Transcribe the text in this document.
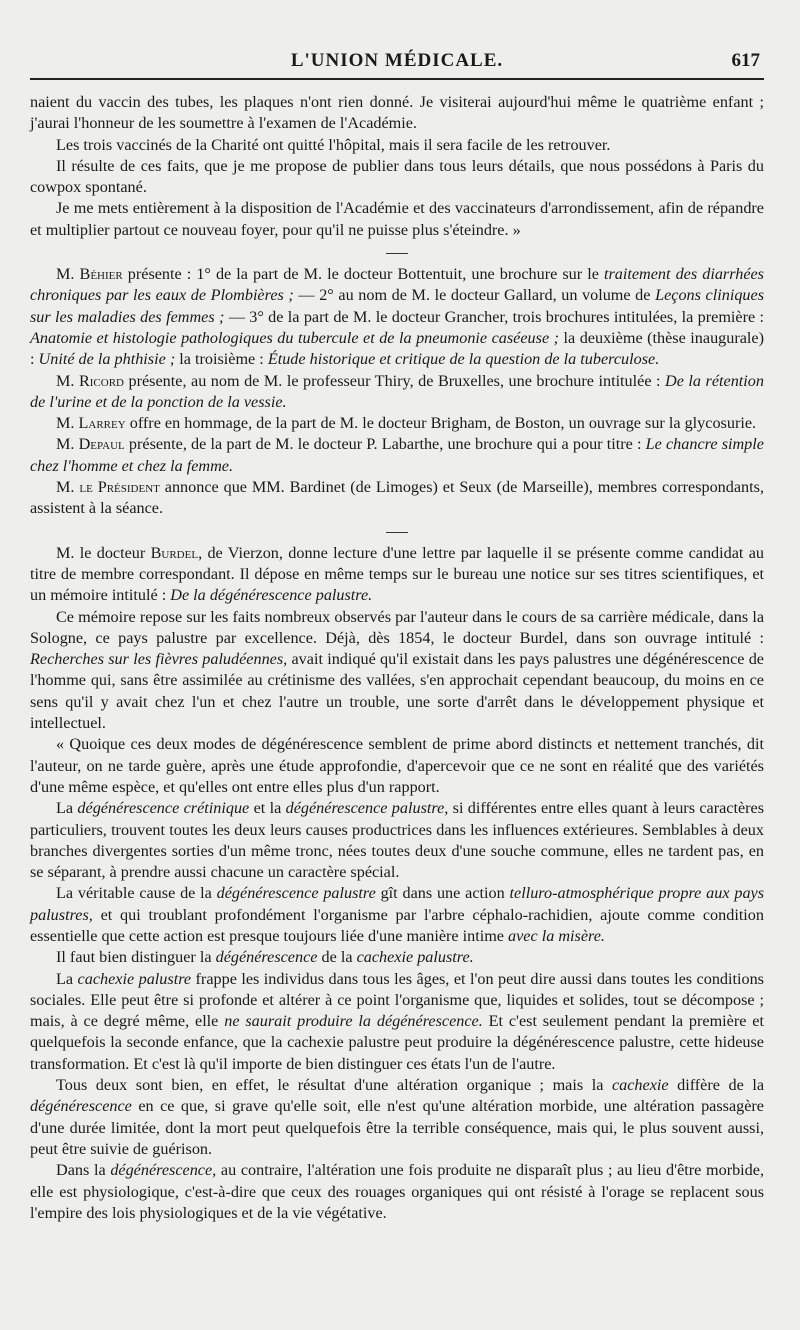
L'UNION MÉDICALE.	617

naient du vaccin des tubes, les plaques n'ont rien donné. Je visiterai aujourd'hui même le quatrième enfant ; j'aurai l'honneur de les soumettre à l'examen de l'Académie.

Les trois vaccinés de la Charité ont quitté l'hôpital, mais il sera facile de les retrouver.

Il résulte de ces faits, que je me propose de publier dans tous leurs détails, que nous possédons à Paris du cowpox spontané.

Je me mets entièrement à la disposition de l'Académie et des vaccinateurs d'arrondissement, afin de répandre et multiplier partout ce nouveau foyer, pour qu'il ne puisse plus s'éteindre. »

M. Béhier présente : 1° de la part de M. le docteur Bottentuit, une brochure sur le traitement des diarrhées chroniques par les eaux de Plombières ; — 2° au nom de M. le docteur Gallard, un volume de Leçons cliniques sur les maladies des femmes ; — 3° de la part de M. le docteur Grancher, trois brochures intitulées, la première : Anatomie et histologie pathologiques du tubercule et de la pneumonie caséeuse ; la deuxième (thèse inaugurale) : Unité de la phthisie ; la troisième : Étude historique et critique de la question de la tuberculose.

M. Ricord présente, au nom de M. le professeur Thiry, de Bruxelles, une brochure intitulée : De la rétention de l'urine et de la ponction de la vessie.

M. Larrey offre en hommage, de la part de M. le docteur Brigham, de Boston, un ouvrage sur la glycosurie.

M. Depaul présente, de la part de M. le docteur P. Labarthe, une brochure qui a pour titre : Le chancre simple chez l'homme et chez la femme.

M. le Président annonce que MM. Bardinet (de Limoges) et Seux (de Marseille), membres correspondants, assistent à la séance.

M. le docteur Burdel, de Vierzon, donne lecture d'une lettre par laquelle il se présente comme candidat au titre de membre correspondant. Il dépose en même temps sur le bureau une notice sur ses titres scientifiques, et un mémoire intitulé : De la dégénérescence palustre.

Ce mémoire repose sur les faits nombreux observés par l'auteur dans le cours de sa carrière médicale, dans la Sologne, ce pays palustre par excellence. Déjà, dès 1854, le docteur Burdel, dans son ouvrage intitulé : Recherches sur les fièvres paludéennes, avait indiqué qu'il existait dans les pays palustres une dégénérescence de l'homme qui, sans être assimilée au crétinisme des vallées, s'en approchait cependant beaucoup, du moins en ce sens qu'il y avait chez l'un et chez l'autre un trouble, une sorte d'arrêt dans le développement physique et intellectuel.

« Quoique ces deux modes de dégénérescence semblent de prime abord distincts et nettement tranchés, dit l'auteur, on ne tarde guère, après une étude approfondie, d'apercevoir que ce ne sont en réalité que des variétés d'une même espèce, et qu'elles ont entre elles plus d'un rapport.

La dégénérescence crétinique et la dégénérescence palustre, si différentes entre elles quant à leurs caractères particuliers, trouvent toutes les deux leurs causes productrices dans les influences extérieures. Semblables à deux branches divergentes sorties d'un même tronc, nées toutes deux d'une souche commune, elles ne tardent pas, en se séparant, à prendre aussi chacune un caractère spécial.

La véritable cause de la dégénérescence palustre gît dans une action telluro-atmosphérique propre aux pays palustres, et qui troublant profondément l'organisme par l'arbre céphalo-rachidien, ajoute comme condition essentielle que cette action est presque toujours liée d'une manière intime avec la misère.

Il faut bien distinguer la dégénérescence de la cachexie palustre.

La cachexie palustre frappe les individus dans tous les âges, et l'on peut dire aussi dans toutes les conditions sociales. Elle peut être si profonde et altérer à ce point l'organisme que, liquides et solides, tout se décompose ; mais, à ce degré même, elle ne saurait produire la dégénérescence. Et c'est seulement pendant la première et quelquefois la seconde enfance, que la cachexie palustre peut produire la dégénérescence palustre, cette hideuse transformation. Et c'est là qu'il importe de bien distinguer ces états l'un de l'autre.

Tous deux sont bien, en effet, le résultat d'une altération organique ; mais la cachexie diffère de la dégénérescence en ce que, si grave qu'elle soit, elle n'est qu'une altération morbide, une altération passagère d'une durée limitée, dont la mort peut quelquefois être la terrible conséquence, mais qui, le plus souvent aussi, peut être suivie de guérison.

Dans la dégénérescence, au contraire, l'altération une fois produite ne disparaît plus ; au lieu d'être morbide, elle est physiologique, c'est-à-dire que ceux des rouages organiques qui ont résisté à l'orage se replacent sous l'empire des lois physiologiques et de la vie végétative.
